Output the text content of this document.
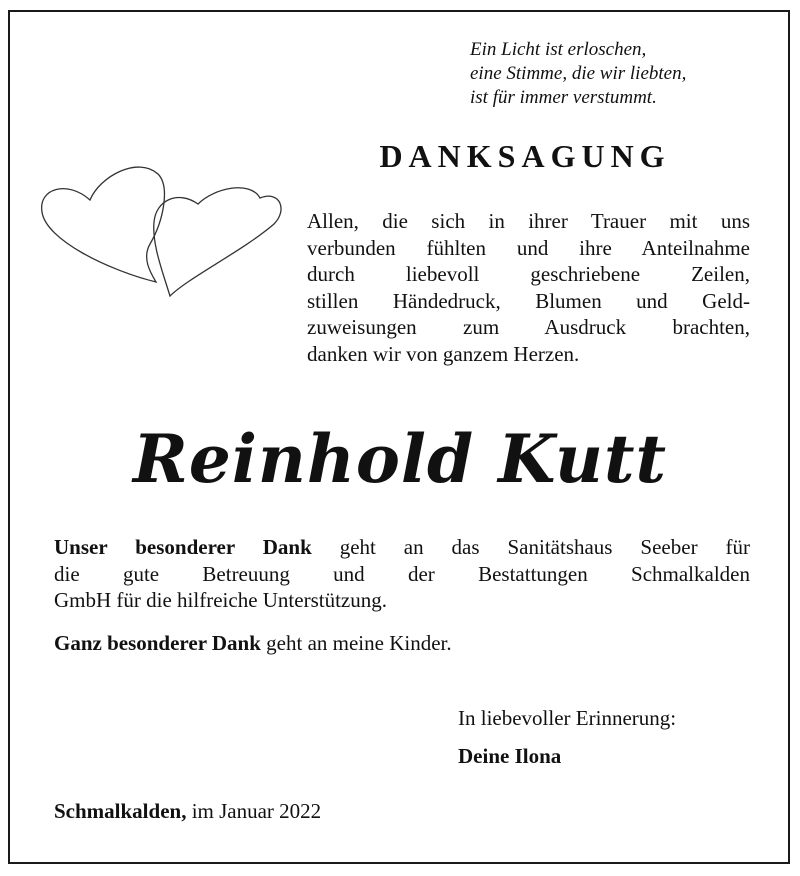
Ein Licht ist erloschen,
eine Stimme, die wir liebten,
ist für immer verstummt.
DANKSAGUNG
Allen, die sich in ihrer Trauer mit uns
verbunden fühlten und ihre Anteilnahme
durch liebevoll geschriebene Zeilen,
stillen Händedruck, Blumen und Geld-
zuweisungen zum Ausdruck brachten,
danken wir von ganzem Herzen.
Reinhold Kutt
Unser besonderer Dank geht an das Sanitätshaus Seeber für
die gute Betreuung und der Bestattungen Schmalkalden
GmbH für die hilfreiche Unterstützung.
Ganz besonderer Dank geht an meine Kinder.
In liebevoller Erinnerung:
Deine Ilona
Schmalkalden, im Januar 2022
